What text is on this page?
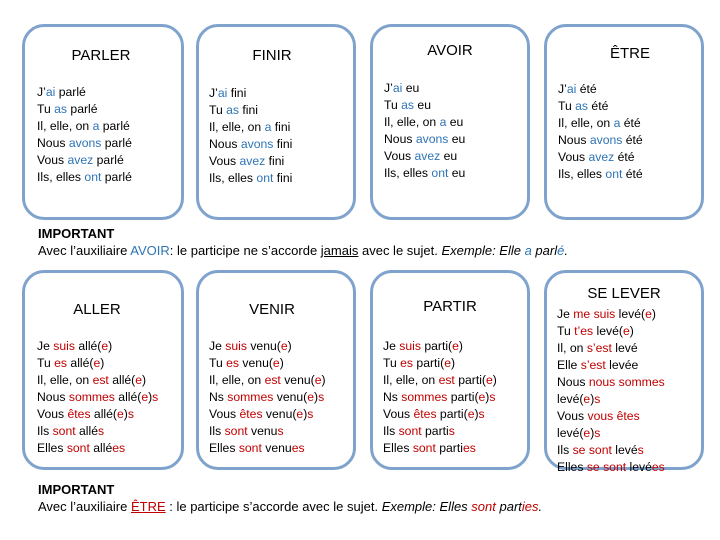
PARLER
J’ai parlé
Tu as parlé
Il, elle, on a parlé
Nous avons parlé
Vous avez parlé
Ils, elles ont parlé
FINIR
J’ai fini
Tu as fini
Il, elle, on a fini
Nous avons fini
Vous avez fini
Ils, elles ont fini
AVOIR
J’ai eu
Tu as eu
Il, elle, on a eu
Nous avons eu
Vous avez eu
Ils, elles ont eu
ÊTRE
J’ai été
Tu as été
Il, elle, on a été
Nous avons été
Vous avez été
Ils, elles ont été
IMPORTANT
Avec l’auxiliaire AVOIR: le participe ne s’accorde jamais avec le sujet. Exemple: Elle a parlé.
ALLER
Je suis allé(e)
Tu es allé(e)
Il, elle, on est allé(e)
Nous sommes allé(e)s
Vous êtes allé(e)s
Ils sont allés
Elles sont allées
VENIR
Je suis venu(e)
Tu es venu(e)
Il, elle, on est venu(e)
Ns sommes venu(e)s
Vous êtes venu(e)s
Ils sont venus
Elles sont venues
PARTIR
Je suis parti(e)
Tu es parti(e)
Il, elle, on est parti(e)
Ns sommes parti(e)s
Vous êtes parti(e)s
Ils sont partis
Elles sont parties
SE LEVER
Je me suis levé(e)
Tu t’es levé(e)
Il, on s’est levé
Elle s’est levée
Nous nous sommes
levé(e)s
Vous vous êtes
levé(e)s
Ils se sont levés
Elles se sont levées
IMPORTANT
Avec l’auxiliaire ÊTRE : le participe s’accorde avec le sujet. Exemple: Elles sont parties.
